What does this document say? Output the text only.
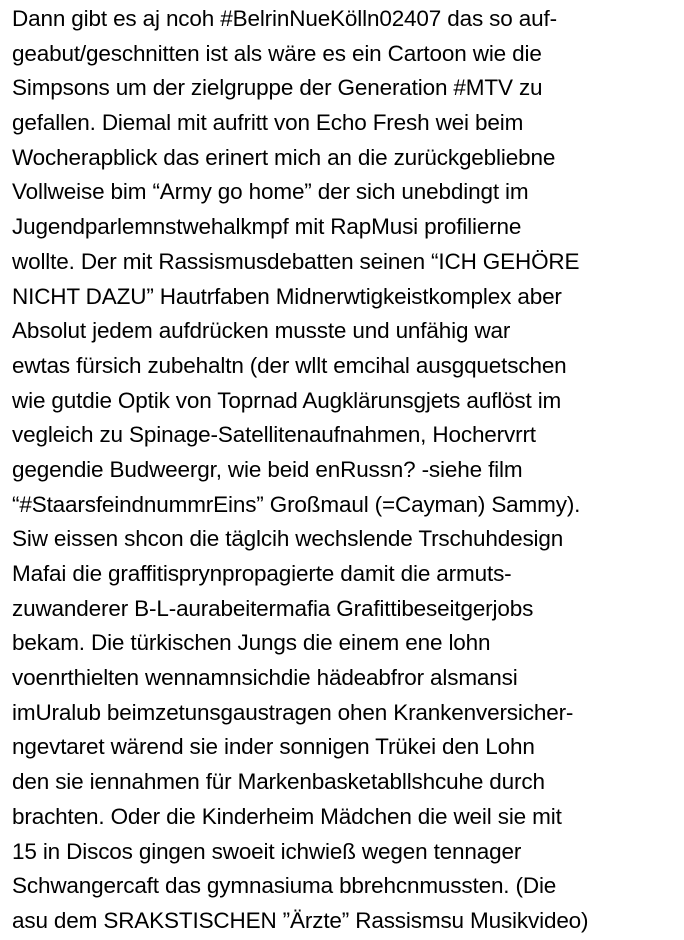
Dann gibt es aj ncoh #BelrinNueKölln02407 das so auf-
geabut/geschnitten ist als wäre es ein Cartoon wie die
Simpsons um der zielgruppe der Generation #MTV zu
gefallen. Diemal mit aufritt von Echo Fresh wei beim
Wocherapblick das erinert mich an die zurückgebliebne
Vollweise bim “Army go home” der sich unebdingt im
Jugendparlemnstwehalkmpf mit RapMusi profilierne
wollte. Der mit Rassismusdebatten seinen “ICH GEHÖRE
NICHT DAZU” Hautrfaben Midnerwtigkeistkomplex aber
Absolut jedem aufdrücken musste und unfähig war
ewtas fürsich zubehaltn (der wllt emcihal ausgquetschen
wie gutdie Optik von Toprnad Augklärunsgjets auflöst im
vegleich zu Spinage-Satellitenaufnahmen, Hochervrrt
gegendie Budweergr, wie beid enRussn? -siehe film
“#StaarsfeindnummrEins” Großmaul (=Cayman) Sammy).
Siw eissen shcon die täglcih wechslende Trschuhdesign
Mafai die graffitisprynpropagierte damit die armuts-
zuwanderer B-L-aurabeitermafia Grafittibeseitgerjobs
bekam. Die türkischen Jungs die einem ene lohn
voenrthielten wennamnsichdie hädeabfror alsmansi
imUralub beimzetunsgaustragen ohen Krankenversicher-
ngevtaret wärend sie inder sonnigen Trükei den Lohn
den sie iennahmen für Markenbasketabllshcuhe durch
brachten. Oder die Kinderheim Mädchen die weil sie mit
15 in Discos gingen swoeit ichwieß wegen tennager
Schwangercaft das gymnasiuma bbrehcnmussten. (Die
asu dem SRAKSTISCHEN ”Ärzte” Rassismsu Musikvideo)
